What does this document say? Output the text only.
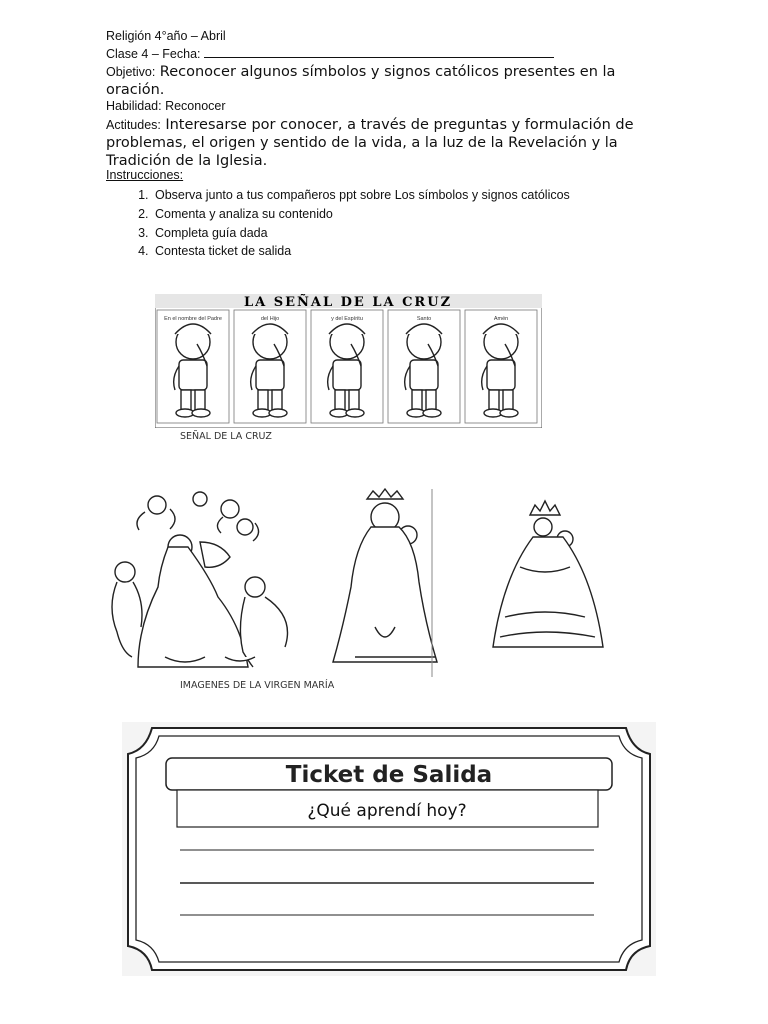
Religión 4°año – Abril
Clase 4 – Fecha:
Objetivo: Reconocer algunos símbolos y signos católicos presentes en la oración.
Habilidad: Reconocer
Actitudes: Interesarse por conocer, a través de preguntas y formulación de problemas, el origen y sentido de la vida, a la luz de la Revelación y la Tradición de la Iglesia.
Instrucciones:
1. Observa junto a tus compañeros ppt sobre Los símbolos y signos católicos
2. Comenta y analiza su contenido
3. Completa guía dada
4. Contesta ticket de salida
LA SEÑAL DE LA CRUZ
En el nombre del Padre	del Hijo	y del Espíritu	Santo	Amén
SEÑAL DE LA CRUZ
IMAGENES DE LA VIRGEN MARÍA
Ticket de Salida
¿Qué aprendí hoy?
